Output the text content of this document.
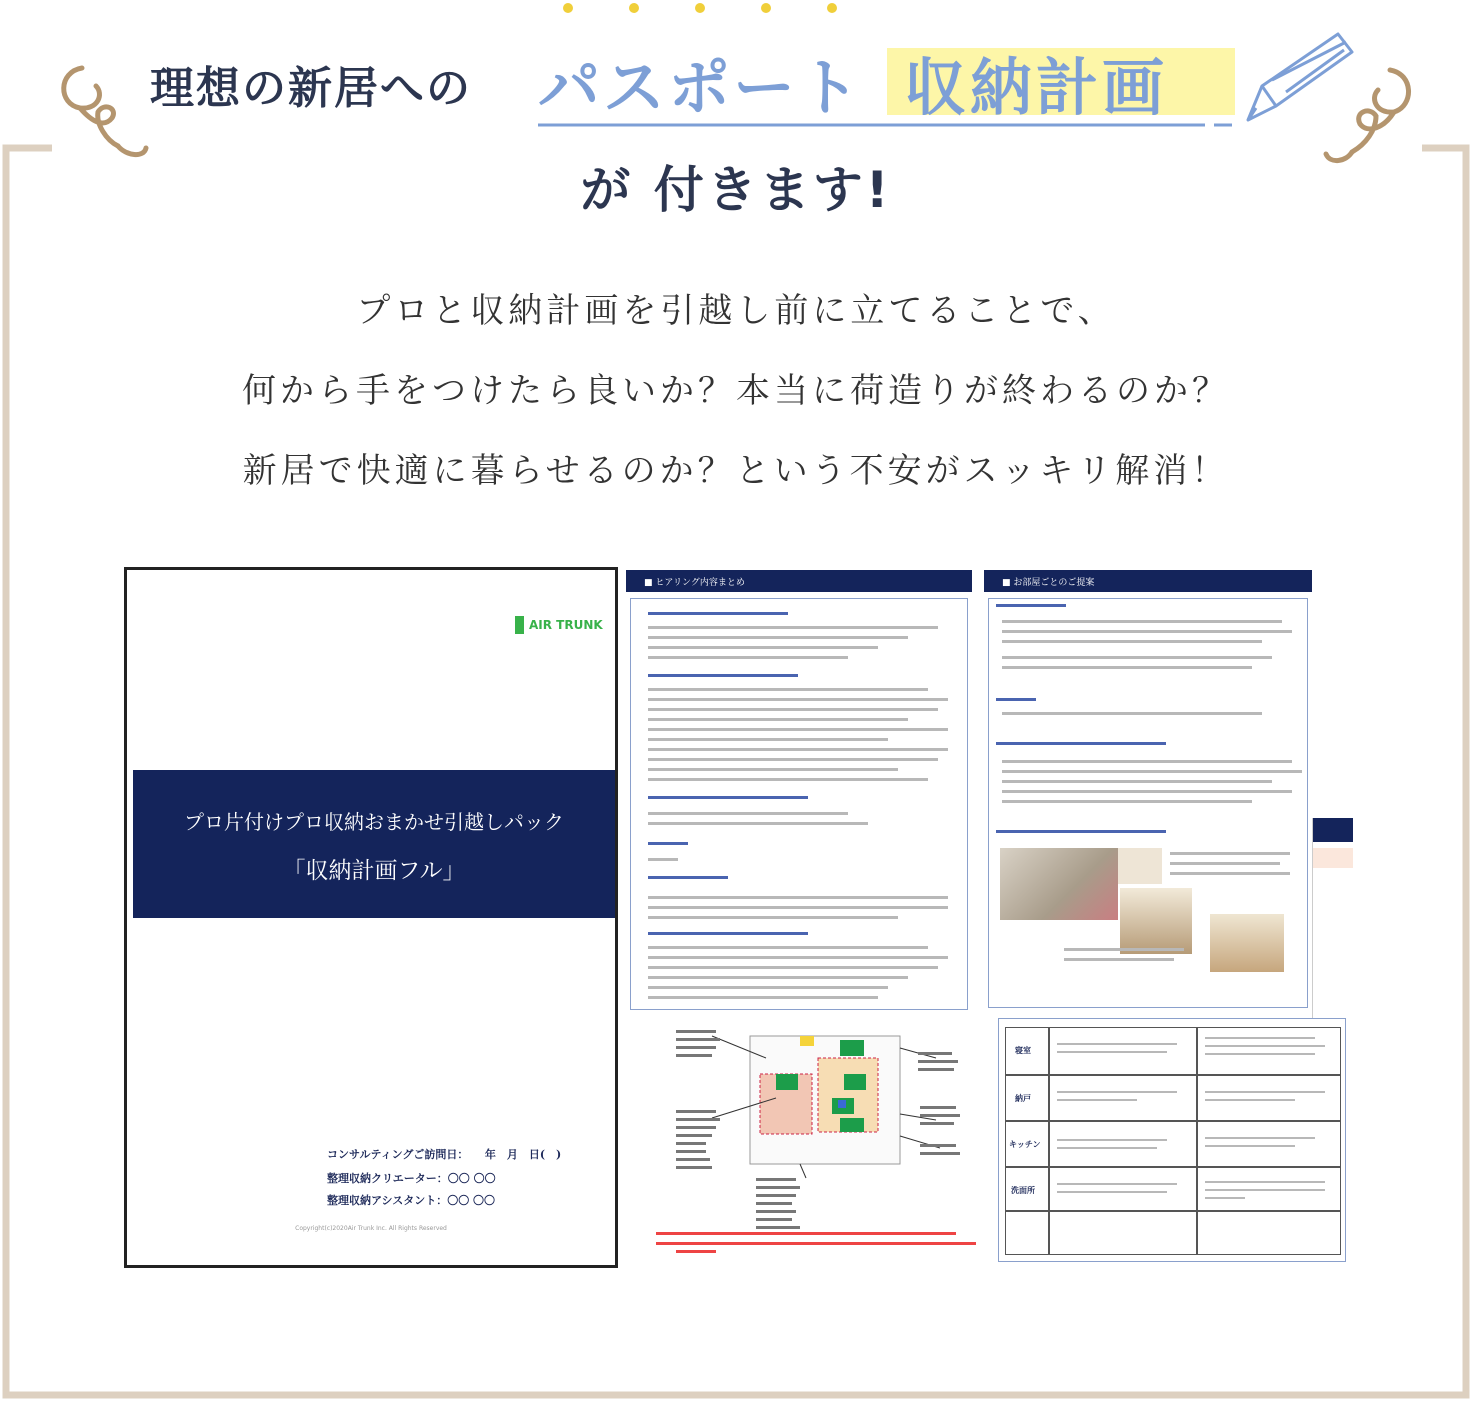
理想の新居への パスポート 収納計画
が 付きます!
プロと収納計画を引越し前に立てることで、
何から手をつけたら良いか？本当に荷造りが終わるのか？
新居で快適に暮らせるのか？という不安がスッキリ解消！
AIR TRUNK
プロ片付けプロ収納おまかせ引越しパック
「収納計画フル」
コンサルティングご訪問日：　　年　月　日(　)
整理収納クリエーター：〇〇 〇〇
整理収納アシスタント：〇〇 〇〇
Copyright(c)2020Air Trunk Inc. All Rights Reserved
■ ヒアリング内容まとめ	■ お部屋ごとのご提案
寝室
納戸
キッチン
洗面所
